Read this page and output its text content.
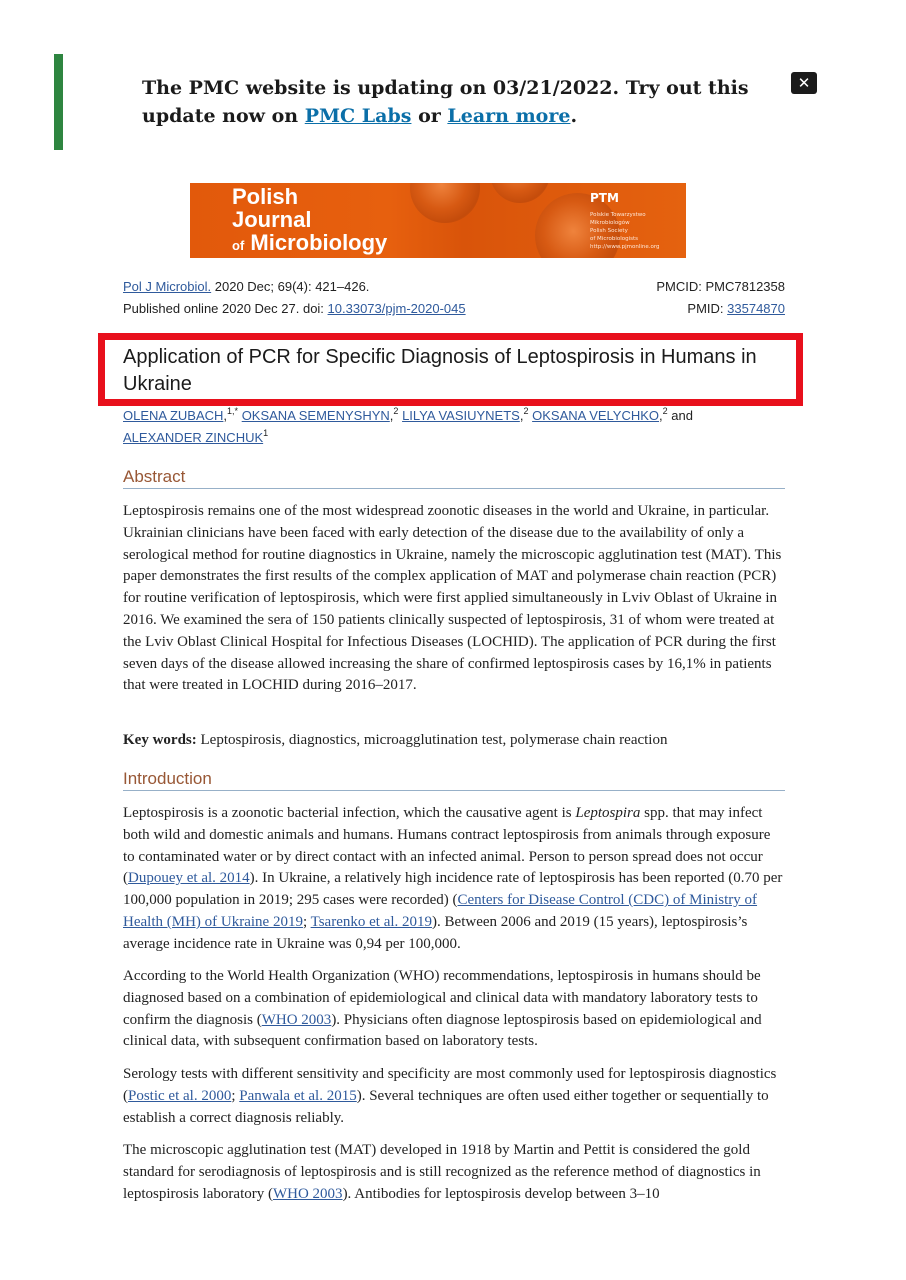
The PMC website is updating on 03/21/2022. Try out this update now on PMC Labs or Learn more.
✕
Polish
Journal
of Microbiology
PTM
Polskie Towarzystwo
Mikrobiologów
Polish Society
of Microbiologists
http://www.pjmonline.org
Pol J Microbiol. 2020 Dec; 69(4): 421–426.	PMCID: PMC7812358
Published online 2020 Dec 27. doi: 10.33073/pjm-2020-045	PMID: 33574870
Application of PCR for Specific Diagnosis of Leptospirosis in Humans in Ukraine
OLENA ZUBACH,$^{1,*}$ OKSANA SEMENYSHYN,$^2$ LILYA VASIUYNETS,$^2$ OKSANA VELYCHKO,$^2$ and
ALEXANDER ZINCHUK$^1$
Abstract
Leptospirosis remains one of the most widespread zoonotic diseases in the world and Ukraine, in particular. Ukrainian clinicians have been faced with early detection of the disease due to the availability of only a serological method for routine diagnostics in Ukraine, namely the microscopic agglutination test (MAT). This paper demonstrates the first results of the complex application of MAT and polymerase chain reaction (PCR) for routine verification of leptospirosis, which were first applied simultaneously in Lviv Oblast of Ukraine in 2016. We examined the sera of 150 patients clinically suspected of leptospirosis, 31 of whom were treated at the Lviv Oblast Clinical Hospital for Infectious Diseases (LOCHID). The application of PCR during the first seven days of the disease allowed increasing the share of confirmed leptospirosis cases by 16,1% in patients that were treated in LOCHID during 2016–2017.
Key words: Leptospirosis, diagnostics, microagglutination test, polymerase chain reaction
Introduction
Leptospirosis is a zoonotic bacterial infection, which the causative agent is Leptospira spp. that may infect both wild and domestic animals and humans. Humans contract leptospirosis from animals through exposure to contaminated water or by direct contact with an infected animal. Person to person spread does not occur (Dupouey et al. 2014). In Ukraine, a relatively high incidence rate of leptospirosis has been reported (0.70 per 100,000 population in 2019; 295 cases were recorded) (Centers for Disease Control (CDC) of Ministry of Health (MH) of Ukraine 2019; Tsarenko et al. 2019). Between 2006 and 2019 (15 years), leptospirosis’s average incidence rate in Ukraine was 0,94 per 100,000.
According to the World Health Organization (WHO) recommendations, leptospirosis in humans should be diagnosed based on a combination of epidemiological and clinical data with mandatory laboratory tests to confirm the diagnosis (WHO 2003). Physicians often diagnose leptospirosis based on epidemiological and clinical data, with subsequent confirmation based on laboratory tests.
Serology tests with different sensitivity and specificity are most commonly used for leptospirosis diagnostics (Postic et al. 2000; Panwala et al. 2015). Several techniques are often used either together or sequentially to establish a correct diagnosis reliably.
The microscopic agglutination test (MAT) developed in 1918 by Martin and Pettit is considered the gold standard for serodiagnosis of leptospirosis and is still recognized as the reference method of diagnostics in leptospirosis laboratory (WHO 2003). Antibodies for leptospirosis develop between 3–10
